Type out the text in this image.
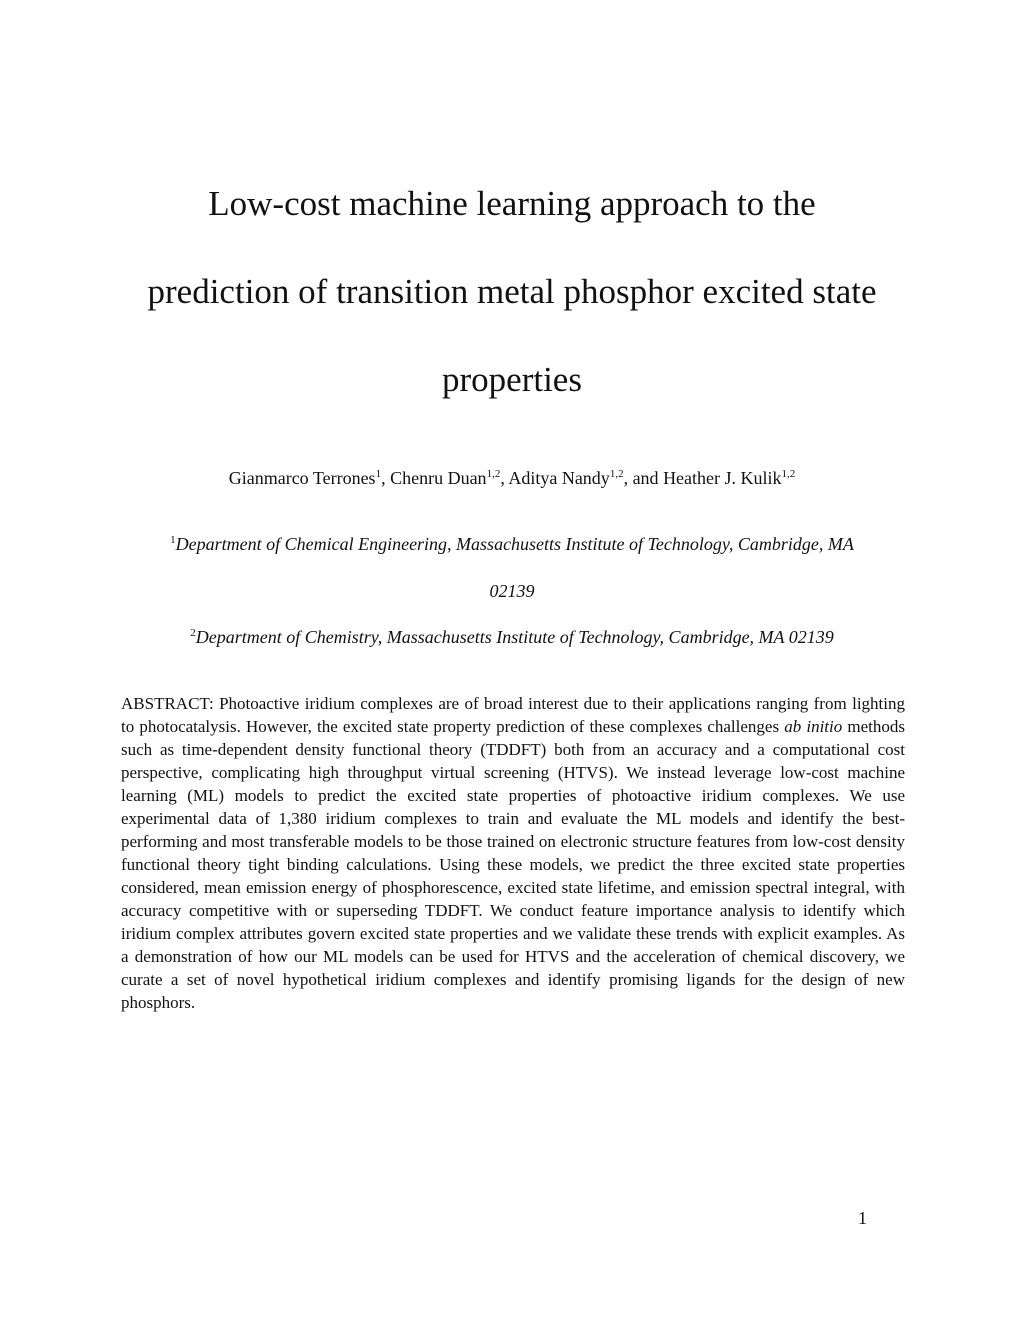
Low-cost machine learning approach to the
prediction of transition metal phosphor excited state
properties
Gianmarco Terrones$^1$, Chenru Duan$^{1,2}$, Aditya Nandy$^{1,2}$, and Heather J. Kulik$^{1,2}$
$^1$Department of Chemical Engineering, Massachusetts Institute of Technology, Cambridge, MA
02139
$^2$Department of Chemistry, Massachusetts Institute of Technology, Cambridge, MA 02139

ABSTRACT: Photoactive iridium complexes are of broad interest due to their applications ranging from lighting to photocatalysis. However, the excited state property prediction of these complexes challenges ab initio methods such as time-dependent density functional theory (TDDFT) both from an accuracy and a computational cost perspective, complicating high throughput virtual screening (HTVS). We instead leverage low-cost machine learning (ML) models to predict the excited state properties of photoactive iridium complexes. We use experimental data of 1,380 iridium complexes to train and evaluate the ML models and identify the best-performing and most transferable models to be those trained on electronic structure features from low-cost density functional theory tight binding calculations. Using these models, we predict the three excited state properties considered, mean emission energy of phosphorescence, excited state lifetime, and emission spectral integral, with accuracy competitive with or superseding TDDFT. We conduct feature importance analysis to identify which iridium complex attributes govern excited state properties and we validate these trends with explicit examples. As a demonstration of how our ML models can be used for HTVS and the acceleration of chemical discovery, we curate a set of novel hypothetical iridium complexes and identify promising ligands for the design of new phosphors.

1
